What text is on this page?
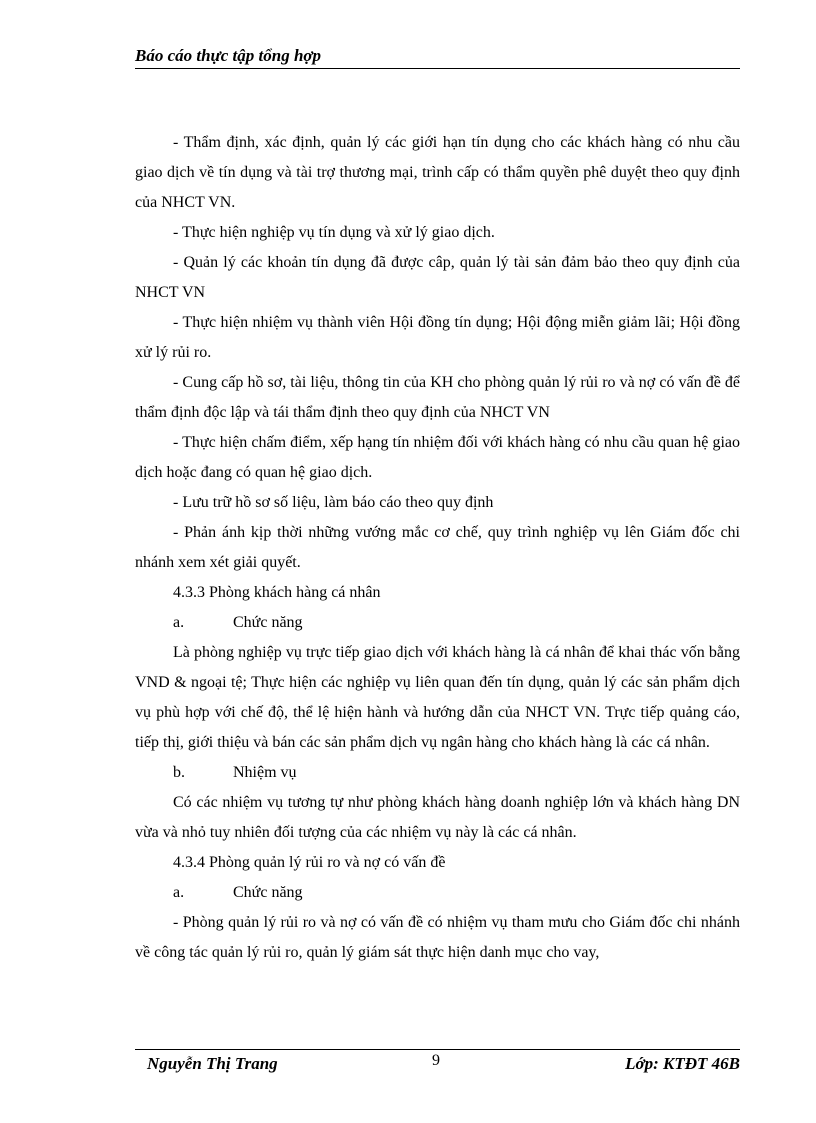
Báo cáo thực tập tổng hợp

- Thẩm định, xác định, quản lý các giới hạn tín dụng cho các khách hàng có nhu cầu giao dịch về tín dụng và tài trợ thương mại, trình cấp có thẩm quyền phê duyệt theo quy định của NHCT VN.

- Thực hiện nghiệp vụ tín dụng và xử lý giao dịch.

- Quản lý các khoản tín dụng đã được câp, quản lý tài sản đảm bảo theo quy định của NHCT VN

- Thực hiện nhiệm vụ thành viên Hội đồng tín dụng; Hội động miễn giảm lãi; Hội đồng xử lý rủi ro.

- Cung cấp hồ sơ, tài liệu, thông tin của KH cho phòng quản lý rủi ro và nợ có vấn đề để thẩm định độc lập và tái thẩm định theo quy định của NHCT VN

- Thực hiện chấm điểm, xếp hạng tín nhiệm đối với khách hàng có nhu cầu quan hệ giao dịch hoặc đang có quan hệ giao dịch.

- Lưu trữ hồ sơ số liệu, làm báo cáo theo quy định

- Phản ánh kịp thời những vướng mắc cơ chế, quy trình nghiệp vụ lên Giám đốc chi nhánh xem xét giải quyết.

4.3.3 Phòng khách hàng cá nhân

a.	Chức năng

Là phòng nghiệp vụ trực tiếp giao dịch với khách hàng là cá nhân để khai thác vốn bằng VND & ngoại tệ; Thực hiện các nghiệp vụ liên quan đến tín dụng, quản lý các sản phẩm dịch vụ phù hợp với chế độ, thể lệ hiện hành và hướng dẫn của NHCT VN. Trực tiếp quảng cáo, tiếp thị, giới thiệu và bán các sản phẩm dịch vụ ngân hàng cho khách hàng là các cá nhân.

b.	Nhiệm vụ

Có các nhiệm vụ tương tự như phòng khách hàng doanh nghiệp lớn và khách hàng DN vừa và nhỏ tuy nhiên đối tượng của các nhiệm vụ này là các cá nhân.

4.3.4 Phòng quản lý rủi ro và nợ có vấn đề

a.	Chức năng

- Phòng quản lý rủi ro và nợ có vấn đề có nhiệm vụ tham mưu cho Giám đốc chi nhánh về công tác quản lý rủi ro, quản lý giám sát thực hiện danh mục cho vay,

Nguyễn Thị Trang	9	Lớp: KTĐT 46B
